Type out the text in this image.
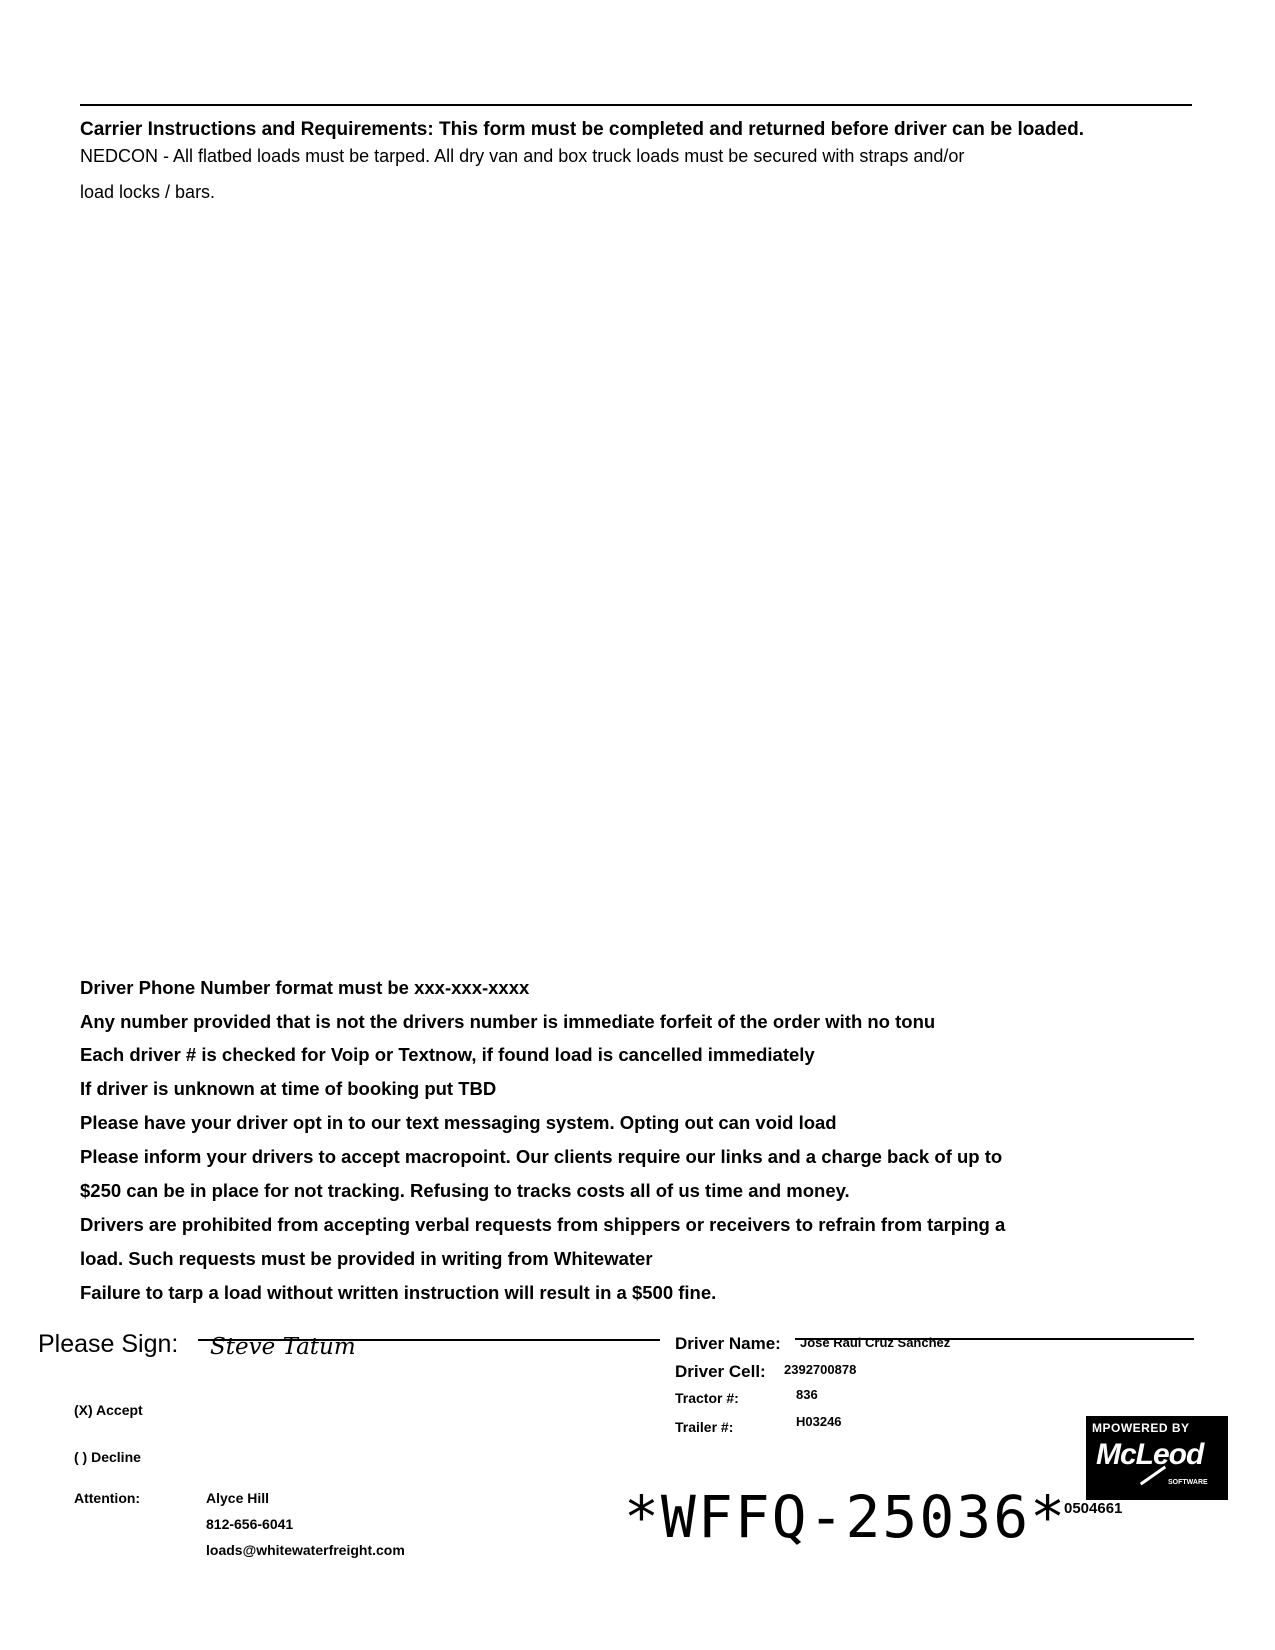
Carrier Instructions and Requirements: This form must be completed and returned before driver can be loaded.
NEDCON - All flatbed loads must be tarped. All dry van and box truck loads must be secured with straps and/or
load locks / bars.
Driver Phone Number format must be xxx-xxx-xxxx
Any number provided that is not the drivers number is immediate forfeit of the order with no tonu
Each driver # is checked for Voip or Textnow, if found load is cancelled immediately
If driver is unknown at time of booking put TBD
Please have your driver opt in to our text messaging system. Opting out can void load
Please inform your drivers to accept macropoint. Our clients require our links and a charge back of up to
$250 can be in place for not tracking. Refusing to tracks costs all of us time and money.
Drivers are prohibited from accepting verbal requests from shippers or receivers to refrain from tarping a
load. Such requests must be provided in writing from Whitewater
Failure to tarp a load without written instruction will result in a $500 fine.
Please Sign: Steve Tatum
(X) Accept
( ) Decline
Attention:	Alyce Hill
812-656-6041
loads@whitewaterfreight.com
Driver Name: Jose Raul Cruz Sanchez
Driver Cell: 2392700878
Tractor #:	836
Trailer #:	H03246	MPOWERED BY
McLeod
SOFTWARE
*WFFQ-25036*
0504661
